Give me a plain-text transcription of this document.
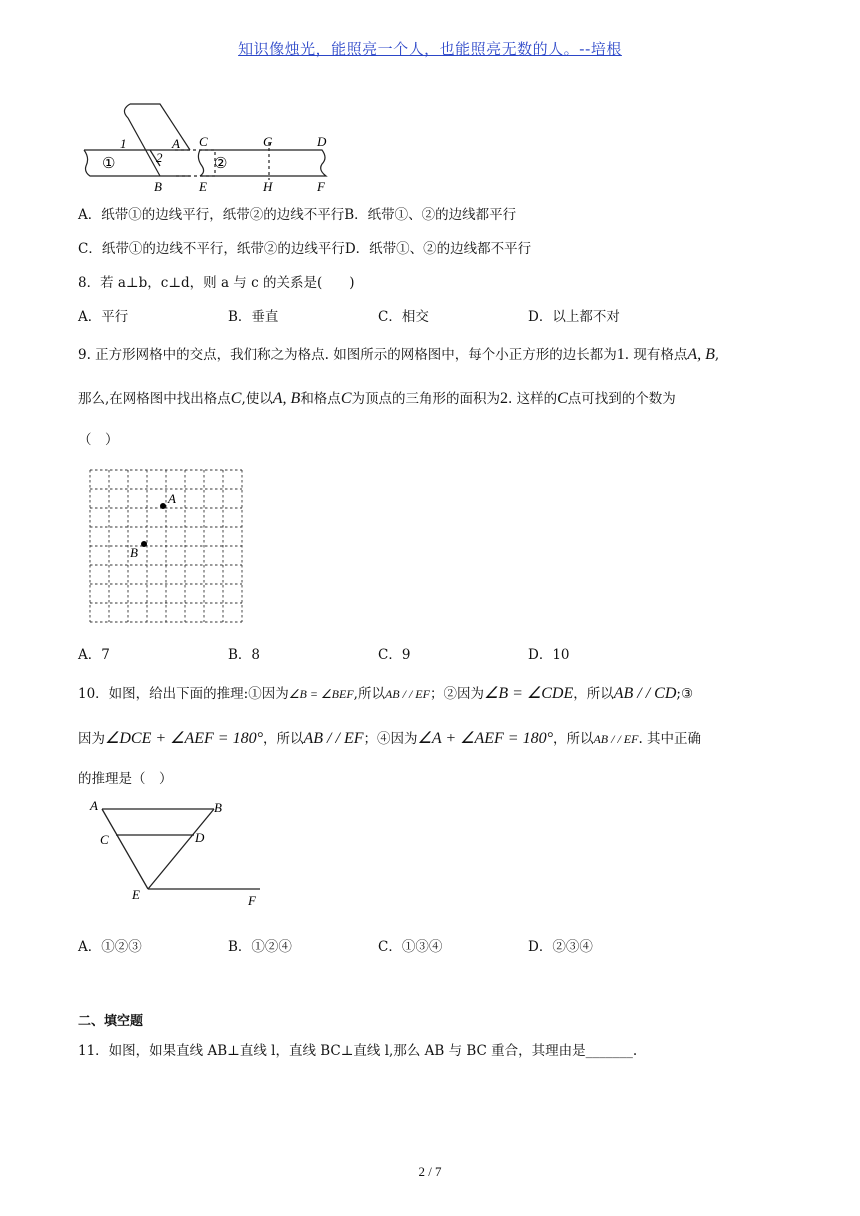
知识像烛光，能照亮一个人，也能照亮无数的人。--培根
1	A
2
B
C	G	D
E	H	F
①	②
A．纸带①的边线平行，纸带②的边线不平行B．纸带①、②的边线都平行
C．纸带①的边线不平行，纸带②的边线平行D．纸带①、②的边线都不平行
8．若 a⊥b，c⊥d，则 a 与 c 的关系是(　　)
A．平行	B．垂直	C．相交	D．以上都不对
9. 正方形网格中的交点，我们称之为格点. 如图所示的网格图中，每个小正方形的边长都为1. 现有格点A, B,
那么,在网格图中找出格点C,使以A, B和格点C为顶点的三角形的面积为2. 这样的C点可找到的个数为
（　）
A
B
A．7	B．8	C．9	D．10
10．如图，给出下面的推理:①因为∠B = ∠BEF,所以AB / / EF；②因为∠B = ∠CDE，所以AB / / CD;③
因为∠DCE + ∠AEF = 180°，所以AB / / EF；④因为∠A + ∠AEF = 180°，所以AB / / EF. 其中正确
的推理是（　）
A	B
C	D
E	F
A．①②③	B．①②④	C．①③④	D．②③④
二、填空题
11．如图，如果直线 AB⊥直线 l，直线 BC⊥直线 l,那么 AB 与 BC 重合，其理由是_______.
2 / 7
